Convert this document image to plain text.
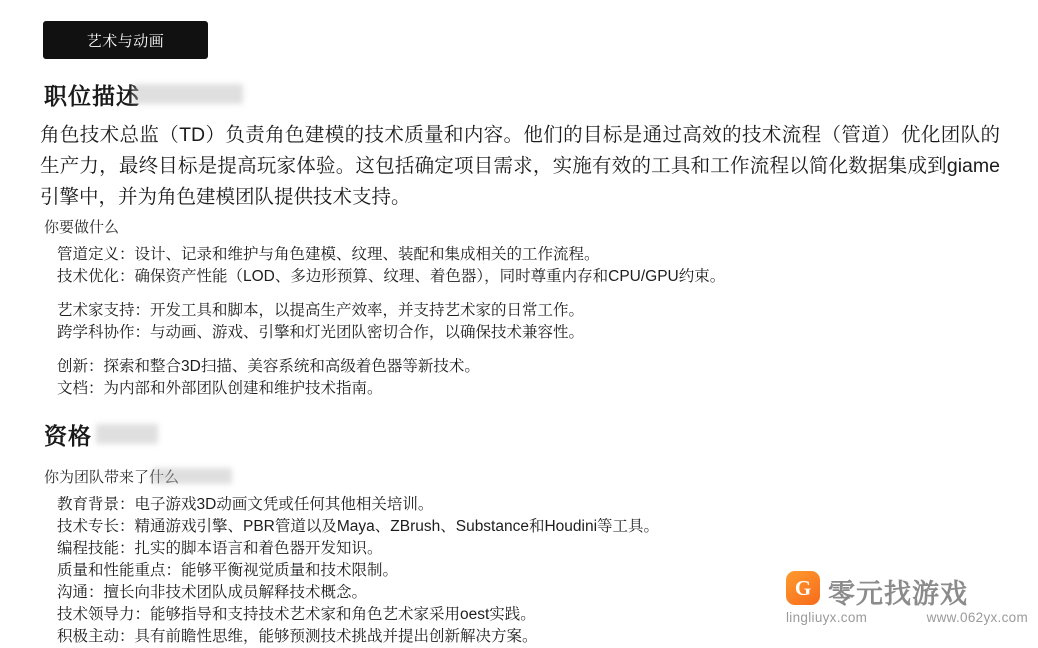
艺术与动画
职位描述
角色技术总监（TD）负责角色建模的技术质量和内容。他们的目标是通过高效的技术流程（管道）优化团队的生产力，最终目标是提高玩家体验。这包括确定项目需求，实施有效的工具和工作流程以简化数据集成到giame引擎中，并为角色建模团队提供技术支持。
你要做什么
管道定义：设计、记录和维护与角色建模、纹理、装配和集成相关的工作流程。
技术优化：确保资产性能（LOD、多边形预算、纹理、着色器），同时尊重内存和CPU/GPU约束。
艺术家支持：开发工具和脚本，以提高生产效率，并支持艺术家的日常工作。
跨学科协作：与动画、游戏、引擎和灯光团队密切合作，以确保技术兼容性。
创新：探索和整合3D扫描、美容系统和高级着色器等新技术。
文档：为内部和外部团队创建和维护技术指南。
资格
你为团队带来了什么
教育背景：电子游戏3D动画文凭或任何其他相关培训。
技术专长：精通游戏引擎、PBR管道以及Maya、ZBrush、Substance和Houdini等工具。
编程技能：扎实的脚本语言和着色器开发知识。
质量和性能重点：能够平衡视觉质量和技术限制。
沟通：擅长向非技术团队成员解释技术概念。
技术领导力：能够指导和支持技术艺术家和角色艺术家采用oest实践。
积极主动：具有前瞻性思维，能够预测技术挑战并提出创新解决方案。
G 零元找游戏
lingliuyx.com	www.062yx.com
